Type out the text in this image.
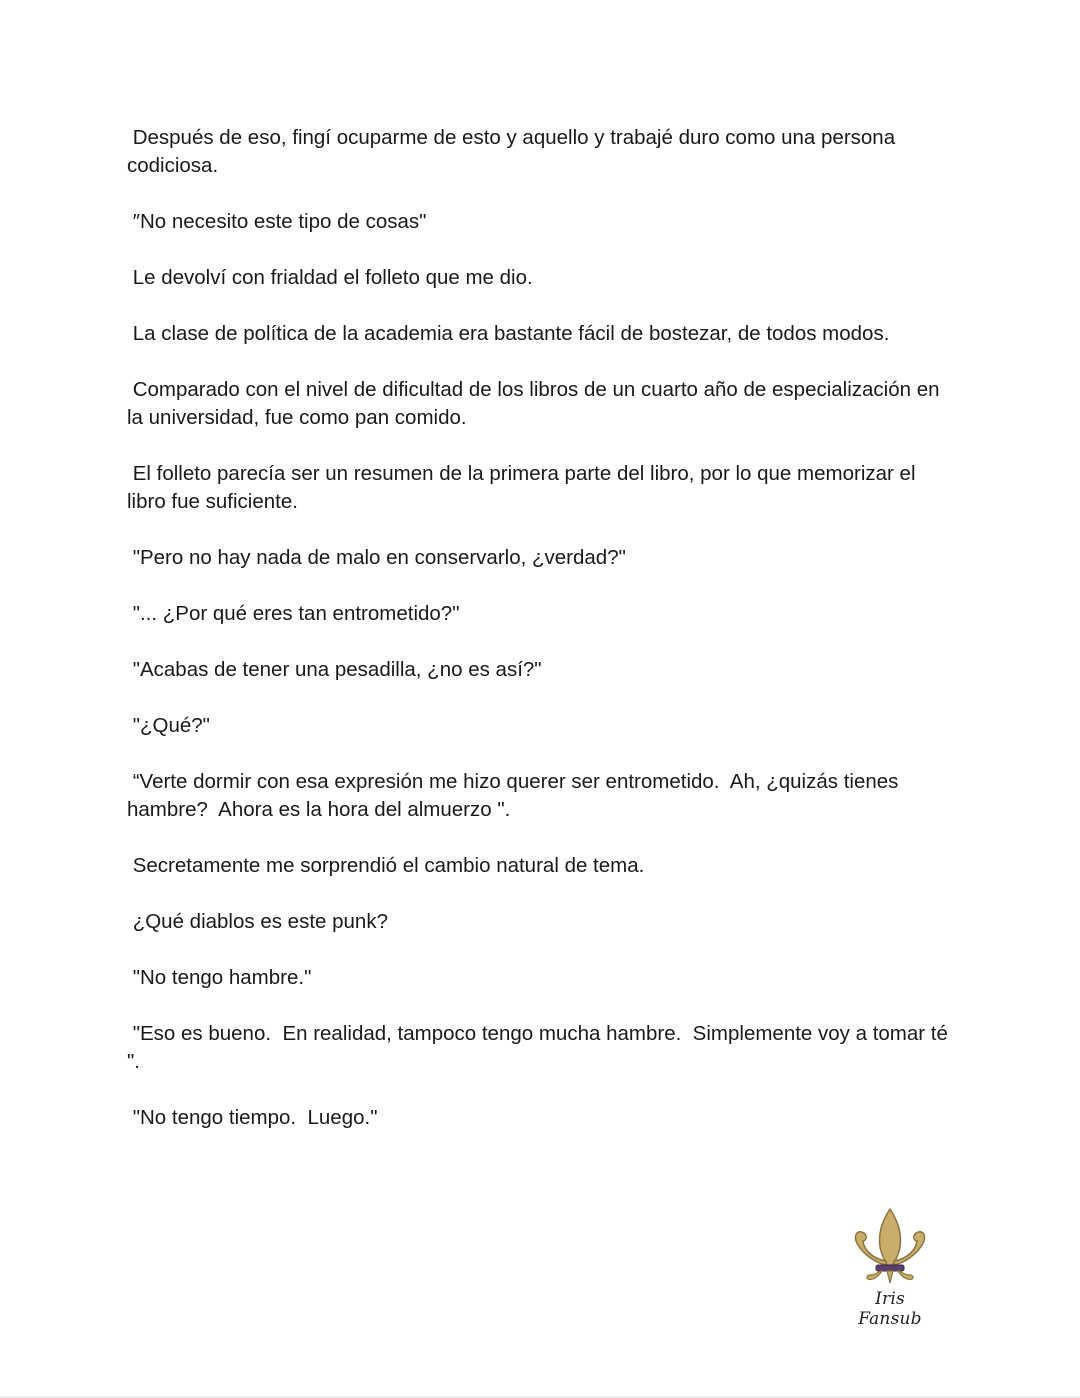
Después de eso, fingí ocuparme de esto y aquello y trabajé duro como una persona codiciosa.

″No necesito este tipo de cosas"

Le devolví con frialdad el folleto que me dio.

La clase de política de la academia era bastante fácil de bostezar, de todos modos.

Comparado con el nivel de dificultad de los libros de un cuarto año de especialización en la universidad, fue como pan comido.

El folleto parecía ser un resumen de la primera parte del libro, por lo que memorizar el libro fue suficiente.

"Pero no hay nada de malo en conservarlo, ¿verdad?"

"... ¿Por qué eres tan entrometido?"

"Acabas de tener una pesadilla, ¿no es así?"

"¿Qué?"

“Verte dormir con esa expresión me hizo querer ser entrometido.  Ah, ¿quizás tienes hambre?  Ahora es la hora del almuerzo ".

Secretamente me sorprendió el cambio natural de tema.

¿Qué diablos es este punk?

"No tengo hambre."

"Eso es bueno.  En realidad, tampoco tengo mucha hambre.  Simplemente voy a tomar té ".

"No tengo tiempo.  Luego."

Iris Fansub
